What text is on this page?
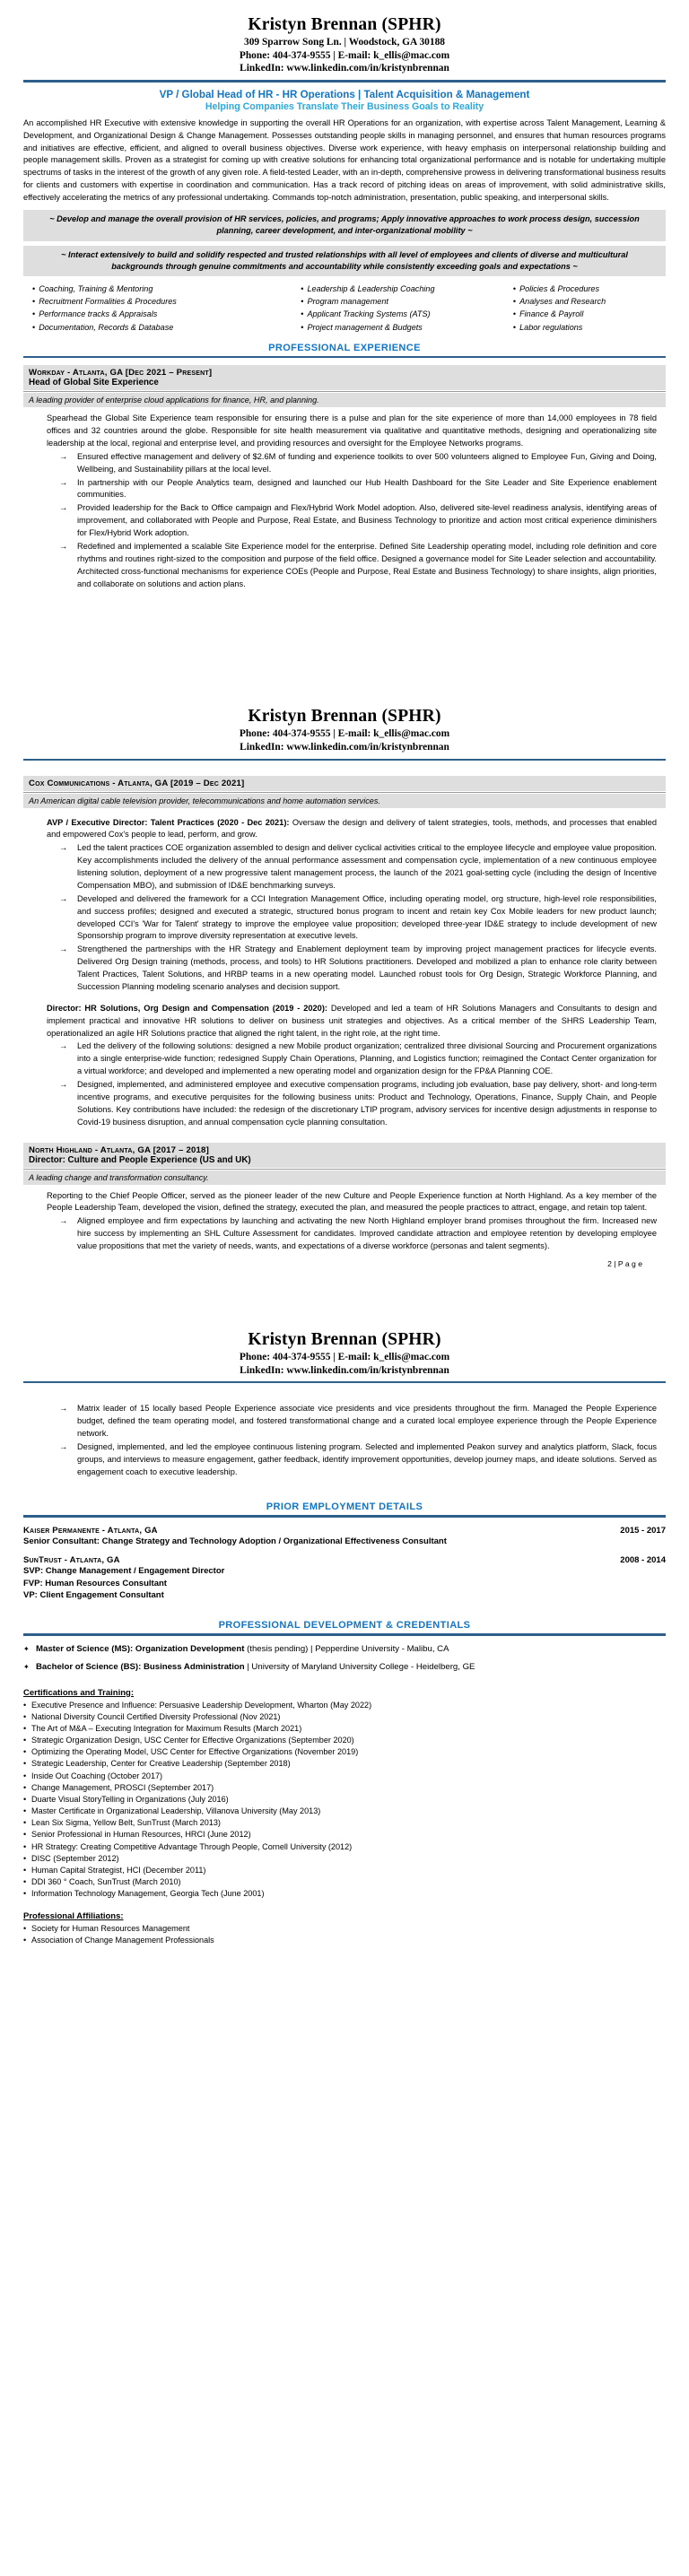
Kristyn Brennan (SPHR)
309 Sparrow Song Ln. | Woodstock, GA 30188
Phone: 404-374-9555 | E-mail: k_ellis@mac.com
LinkedIn: www.linkedin.com/in/kristynbrennan
VP / Global Head of HR - HR Operations | Talent Acquisition & Management
Helping Companies Translate Their Business Goals to Reality
An accomplished HR Executive with extensive knowledge in supporting the overall HR Operations for an organization, with expertise across Talent Management, Learning & Development, and Organizational Design & Change Management. Possesses outstanding people skills in managing personnel, and ensures that human resources programs and initiatives are effective, efficient, and aligned to overall business objectives. Diverse work experience, with heavy emphasis on interpersonal relationship building and people management skills. Proven as a strategist for coming up with creative solutions for enhancing total organizational performance and is notable for undertaking multiple spectrums of tasks in the interest of the growth of any given role. A field-tested Leader, with an in-depth, comprehensive prowess in delivering transformational business results for clients and customers with expertise in coordination and communication. Has a track record of pitching ideas on areas of improvement, with solid administrative skills, effectively accelerating the metrics of any professional undertaking. Commands top-notch administration, presentation, public speaking, and interpersonal skills.
~ Develop and manage the overall provision of HR services, policies, and programs; Apply innovative approaches to work process design, succession planning, career development, and inter-organizational mobility ~
~ Interact extensively to build and solidify respected and trusted relationships with all level of employees and clients of diverse and multicultural backgrounds through genuine commitments and accountability while consistently exceeding goals and expectations ~
• Coaching, Training & Mentoring
• Recruitment Formalities & Procedures
• Performance tracks & Appraisals
• Documentation, Records & Database
• Leadership & Leadership Coaching
• Program management
• Applicant Tracking Systems (ATS)
• Project management & Budgets
• Policies & Procedures
• Analyses and Research
• Finance & Payroll
• Labor regulations
PROFESSIONAL EXPERIENCE
Workday - Atlanta, GA [Dec 2021 – Present]
Head of Global Site Experience
A leading provider of enterprise cloud applications for finance, HR, and planning.
Spearhead the Global Site Experience team responsible for ensuring there is a pulse and plan for the site experience of more than 14,000 employees in 78 field offices and 32 countries around the globe. Responsible for site health measurement via qualitative and quantitative methods, designing and operationalizing site leadership at the local, regional and enterprise level, and providing resources and oversight for the Employee Networks programs.
→ Ensured effective management and delivery of $2.6M of funding and experience toolkits to over 500 volunteers aligned to Employee Fun, Giving and Doing, Wellbeing, and Sustainability pillars at the local level.
→ In partnership with our People Analytics team, designed and launched our Hub Health Dashboard for the Site Leader and Site Experience enablement communities.
→ Provided leadership for the Back to Office campaign and Flex/Hybrid Work Model adoption. Also, delivered site-level readiness analysis, identifying areas of improvement, and collaborated with People and Purpose, Real Estate, and Business Technology to prioritize and action most critical experience diminishers for Flex/Hybrid Work adoption.
→ Redefined and implemented a scalable Site Experience model for the enterprise. Defined Site Leadership operating model, including role definition and core rhythms and routines right-sized to the composition and purpose of the field office. Designed a governance model for Site Leader selection and accountability. Architected cross-functional mechanisms for experience COEs (People and Purpose, Real Estate and Business Technology) to share insights, align priorities, and collaborate on solutions and action plans.
Kristyn Brennan (SPHR)
Phone: 404-374-9555 | E-mail: k_ellis@mac.com
LinkedIn: www.linkedin.com/in/kristynbrennan
Cox Communications - Atlanta, GA [2019 – Dec 2021]
An American digital cable television provider, telecommunications and home automation services.
AVP / Executive Director: Talent Practices (2020 - Dec 2021): Oversaw the design and delivery of talent strategies, tools, methods, and processes that enabled and empowered Cox's people to lead, perform, and grow.
→ Led the talent practices COE organization assembled to design and deliver cyclical activities critical to the employee lifecycle and employee value proposition. Key accomplishments included the delivery of the annual performance assessment and compensation cycle, implementation of a new continuous employee listening solution, deployment of a new progressive talent management process, the launch of the 2021 goal-setting cycle (including the design of Incentive Compensation MBO), and submission of ID&E benchmarking surveys.
→ Developed and delivered the framework for a CCI Integration Management Office, including operating model, org structure, high-level role responsibilities, and success profiles; designed and executed a strategic, structured bonus program to incent and retain key Cox Mobile leaders for new product launch; developed CCI's 'War for Talent' strategy to improve the employee value proposition; developed three-year ID&E strategy to include development of new Sponsorship program to improve diversity representation at executive levels.
→ Strengthened the partnerships with the HR Strategy and Enablement deployment team by improving project management practices for lifecycle events. Delivered Org Design training (methods, process, and tools) to HR Solutions practitioners. Developed and mobilized a plan to enhance role clarity between Talent Practices, Talent Solutions, and HRBP teams in a new operating model. Launched robust tools for Org Design, Strategic Workforce Planning, and Succession Planning modeling scenario analyses and decision support.
Director: HR Solutions, Org Design and Compensation (2019 - 2020): Developed and led a team of HR Solutions Managers and Consultants to design and implement practical and innovative HR solutions to deliver on business unit strategies and objectives. As a critical member of the SHRS Leadership Team, operationalized an agile HR Solutions practice that aligned the right talent, in the right role, at the right time.
→ Led the delivery of the following solutions: designed a new Mobile product organization; centralized three divisional Sourcing and Procurement organizations into a single enterprise-wide function; redesigned Supply Chain Operations, Planning, and Logistics function; reimagined the Contact Center organization for a virtual workforce; and developed and implemented a new operating model and organization design for the FP&A Planning COE.
→ Designed, implemented, and administered employee and executive compensation programs, including job evaluation, base pay delivery, short- and long-term incentive programs, and executive perquisites for the following business units: Product and Technology, Operations, Finance, Supply Chain, and People Solutions. Key contributions have included: the redesign of the discretionary LTIP program, advisory services for incentive design adjustments in response to Covid-19 business disruption, and annual compensation cycle planning consultation.
North Highland - Atlanta, GA [2017 – 2018]
Director: Culture and People Experience (US and UK)
A leading change and transformation consultancy.
Reporting to the Chief People Officer, served as the pioneer leader of the new Culture and People Experience function at North Highland. As a key member of the People Leadership Team, developed the vision, defined the strategy, executed the plan, and measured the people practices to attract, engage, and retain top talent.
→ Aligned employee and firm expectations by launching and activating the new North Highland employer brand promises throughout the firm. Increased new hire success by implementing an SHL Culture Assessment for candidates. Improved candidate attraction and employee retention by developing employee value propositions that met the variety of needs, wants, and expectations of a diverse workforce (personas and talent segments).
2 | P a g e
Kristyn Brennan (SPHR)
Phone: 404-374-9555 | E-mail: k_ellis@mac.com
LinkedIn: www.linkedin.com/in/kristynbrennan
→ Matrix leader of 15 locally based People Experience associate vice presidents and vice presidents throughout the firm. Managed the People Experience budget, defined the team operating model, and fostered transformational change and a curated local employee experience through the People Experience network.
→ Designed, implemented, and led the employee continuous listening program. Selected and implemented Peakon survey and analytics platform, Slack, focus groups, and interviews to measure engagement, gather feedback, identify improvement opportunities, develop journey maps, and ideate solutions. Served as engagement coach to executive leadership.
PRIOR EMPLOYMENT DETAILS
Kaiser Permanente - Atlanta, GA	2015 - 2017
Senior Consultant: Change Strategy and Technology Adoption / Organizational Effectiveness Consultant
SunTrust - Atlanta, GA	2008 - 2014
SVP: Change Management / Engagement Director
FVP: Human Resources Consultant
VP: Client Engagement Consultant
PROFESSIONAL DEVELOPMENT & CREDENTIALS
✦ Master of Science (MS): Organization Development (thesis pending) | Pepperdine University - Malibu, CA
✦ Bachelor of Science (BS): Business Administration | University of Maryland University College - Heidelberg, GE
Certifications and Training:
• Executive Presence and Influence: Persuasive Leadership Development, Wharton (May 2022)
• National Diversity Council Certified Diversity Professional (Nov 2021)
• The Art of M&A – Executing Integration for Maximum Results (March 2021)
• Strategic Organization Design, USC Center for Effective Organizations (September 2020)
• Optimizing the Operating Model, USC Center for Effective Organizations (November 2019)
• Strategic Leadership, Center for Creative Leadership (September 2018)
• Inside Out Coaching (October 2017)
• Change Management, PROSCI (September 2017)
• Duarte Visual StoryTelling in Organizations (July 2016)
• Master Certificate in Organizational Leadership, Villanova University (May 2013)
• Lean Six Sigma, Yellow Belt, SunTrust (March 2013)
• Senior Professional in Human Resources, HRCI (June 2012)
• HR Strategy: Creating Competitive Advantage Through People, Cornell University (2012)
• DISC (September 2012)
• Human Capital Strategist, HCI (December 2011)
• DDI 360 ° Coach, SunTrust (March 2010)
• Information Technology Management, Georgia Tech (June 2001)
Professional Affiliations:
• Society for Human Resources Management
• Association of Change Management Professionals
